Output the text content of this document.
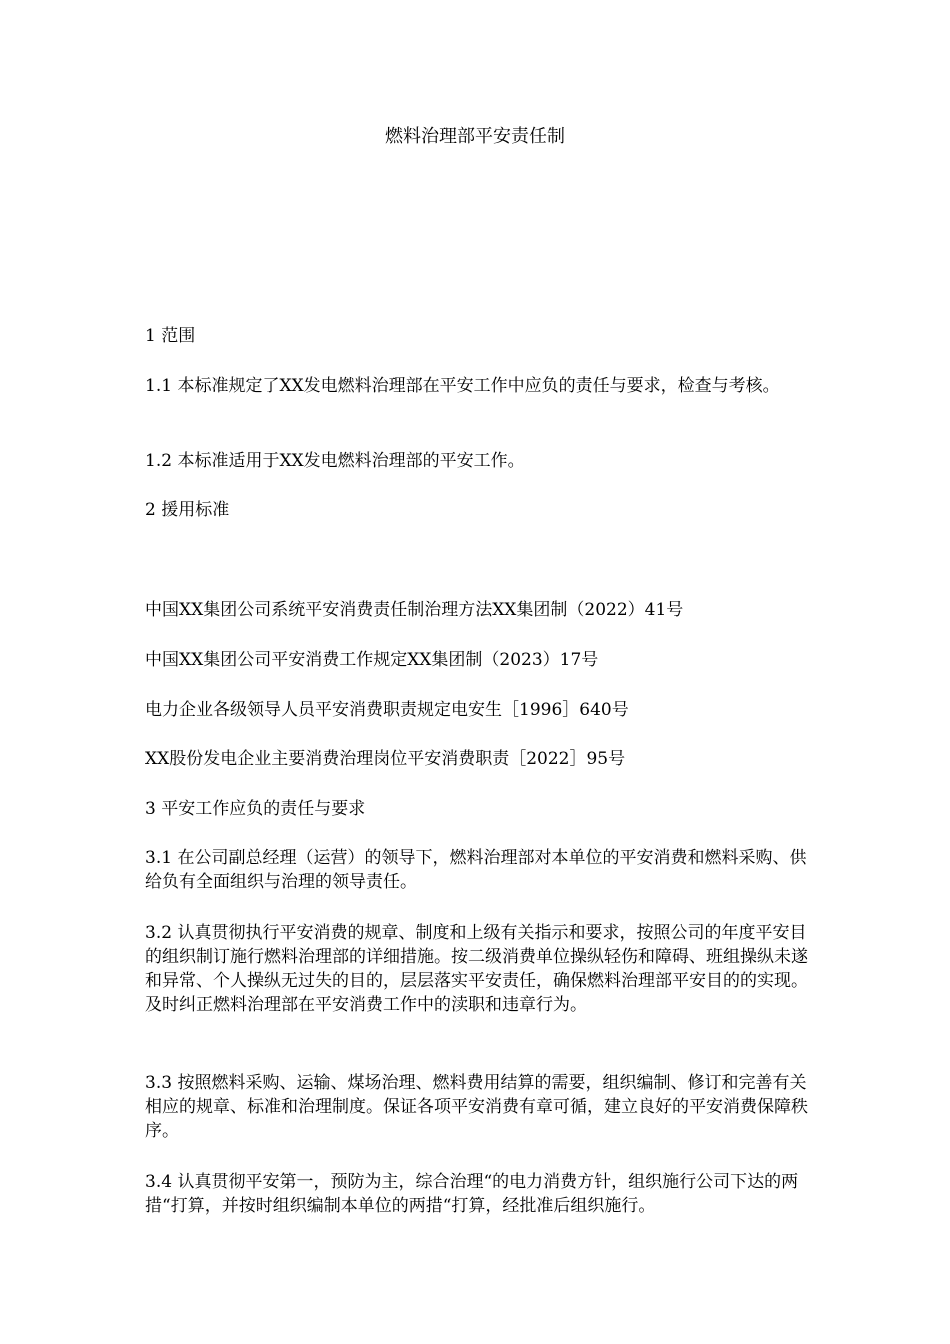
燃料治理部平安责任制

1 范围

1.1 本标准规定了XX发电燃料治理部在平安工作中应负的责任与要求，检查与考核。

1.2 本标准适用于XX发电燃料治理部的平安工作。

2 援用标准

中国XX集团公司系统平安消费责任制治理方法XX集团制（2022）41号

中国XX集团公司平安消费工作规定XX集团制（2023）17号

电力企业各级领导人员平安消费职责规定电安生［1996］640号

XX股份发电企业主要消费治理岗位平安消费职责［2022］95号

3 平安工作应负的责任与要求

3.1 在公司副总经理（运营）的领导下，燃料治理部对本单位的平安消费和燃料采购、供给负有全面组织与治理的领导责任。

3.2 认真贯彻执行平安消费的规章、制度和上级有关指示和要求，按照公司的年度平安目的组织制订施行燃料治理部的详细措施。按二级消费单位操纵轻伤和障碍、班组操纵未遂和异常、个人操纵无过失的目的，层层落实平安责任，确保燃料治理部平安目的的实现。及时纠正燃料治理部在平安消费工作中的渎职和违章行为。

3.3 按照燃料采购、运输、煤场治理、燃料费用结算的需要，组织编制、修订和完善有关相应的规章、标准和治理制度。保证各项平安消费有章可循，建立良好的平安消费保障秩序。

3.4 认真贯彻平安第一，预防为主，综合治理“的电力消费方针，组织施行公司下达的两措“打算，并按时组织编制本单位的两措“打算，经批准后组织施行。
